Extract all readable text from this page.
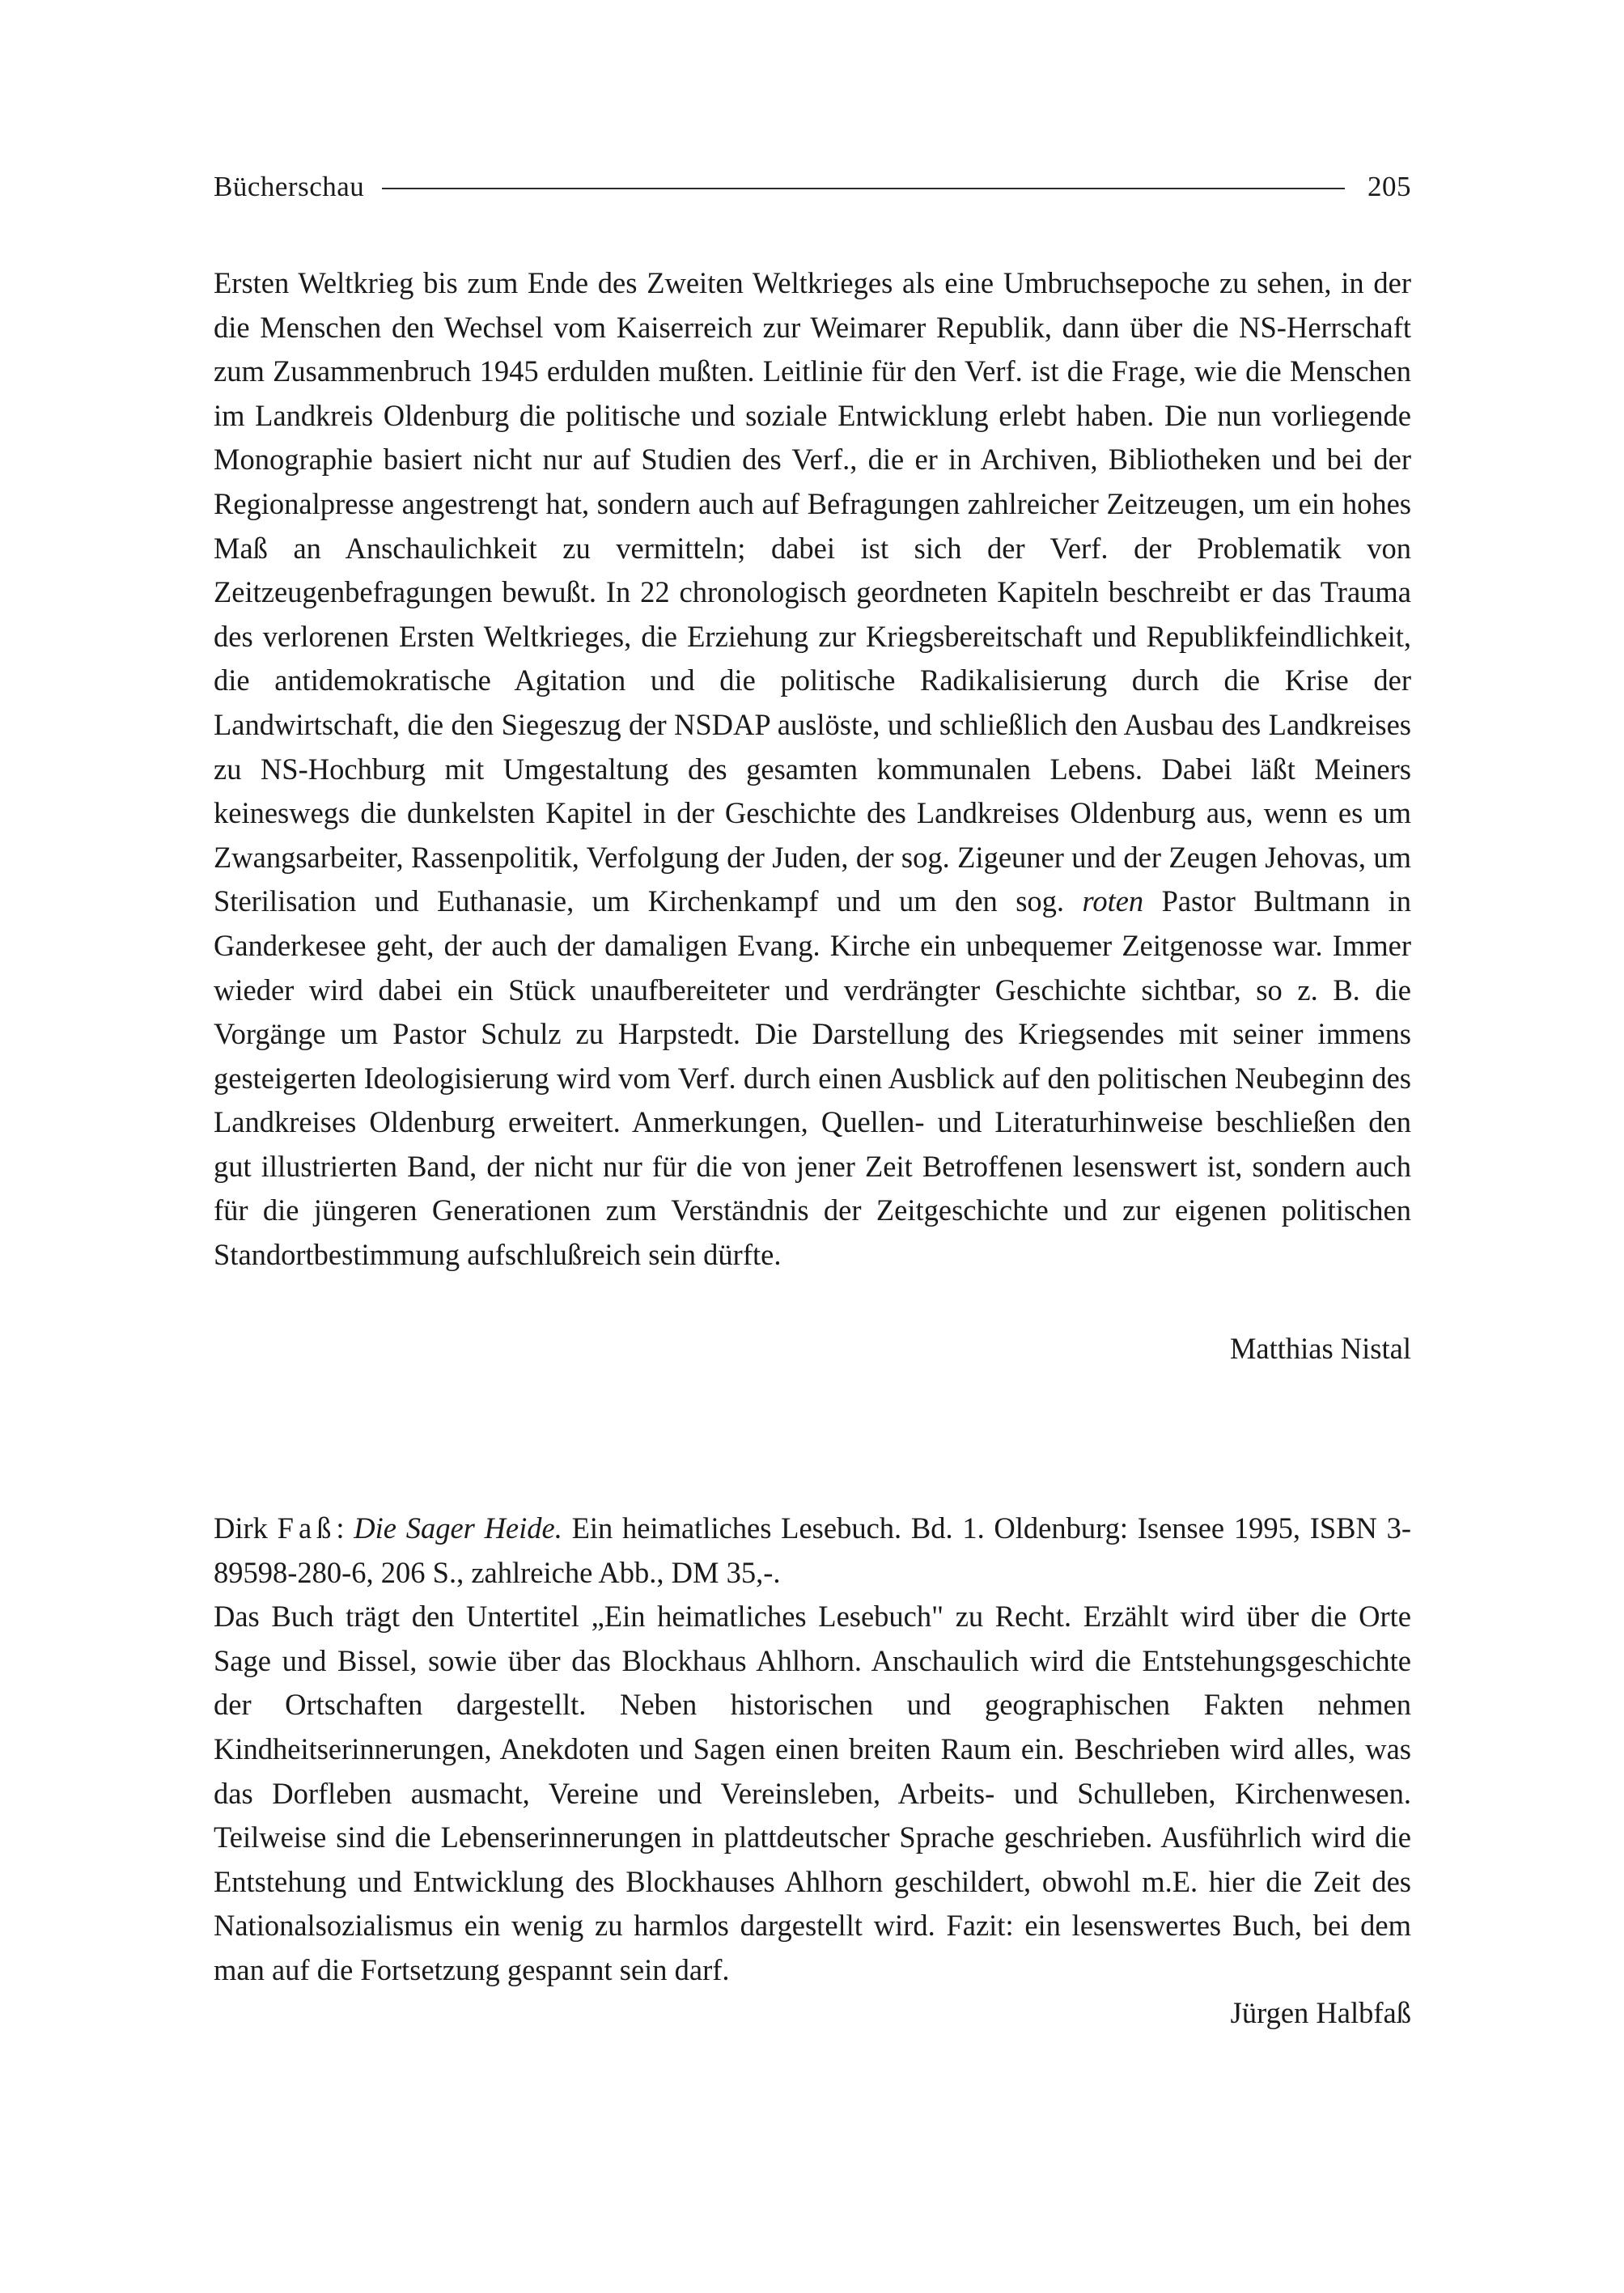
Bücherschau	205

Ersten Weltkrieg bis zum Ende des Zweiten Weltkrieges als eine Umbruchsepoche zu sehen, in der die Menschen den Wechsel vom Kaiserreich zur Weimarer Republik, dann über die NS-Herrschaft zum Zusammenbruch 1945 erdulden mußten. Leitlinie für den Verf. ist die Frage, wie die Menschen im Landkreis Oldenburg die politische und soziale Entwicklung erlebt haben. Die nun vorliegende Monographie basiert nicht nur auf Studien des Verf., die er in Archiven, Bibliotheken und bei der Regionalpresse angestrengt hat, sondern auch auf Befragungen zahlreicher Zeitzeugen, um ein hohes Maß an Anschaulichkeit zu vermitteln; dabei ist sich der Verf. der Problematik von Zeitzeugenbefragungen bewußt. In 22 chronologisch geordneten Kapiteln beschreibt er das Trauma des verlorenen Ersten Weltkrieges, die Erziehung zur Kriegsbereitschaft und Republikfeindlichkeit, die antidemokratische Agitation und die politische Radikalisierung durch die Krise der Landwirtschaft, die den Siegeszug der NSDAP auslöste, und schließlich den Ausbau des Landkreises zu NS-Hochburg mit Umgestaltung des gesamten kommunalen Lebens. Dabei läßt Meiners keineswegs die dunkelsten Kapitel in der Geschichte des Landkreises Oldenburg aus, wenn es um Zwangsarbeiter, Rassenpolitik, Verfolgung der Juden, der sog. Zigeuner und der Zeugen Jehovas, um Sterilisation und Euthanasie, um Kirchenkampf und um den sog. roten Pastor Bultmann in Ganderkesee geht, der auch der damaligen Evang. Kirche ein unbequemer Zeitgenosse war. Immer wieder wird dabei ein Stück unaufbereiteter und verdrängter Geschichte sichtbar, so z. B. die Vorgänge um Pastor Schulz zu Harpstedt. Die Darstellung des Kriegsendes mit seiner immens gesteigerten Ideologisierung wird vom Verf. durch einen Ausblick auf den politischen Neubeginn des Landkreises Oldenburg erweitert. Anmerkungen, Quellen- und Literaturhinweise beschließen den gut illustrierten Band, der nicht nur für die von jener Zeit Betroffenen lesenswert ist, sondern auch für die jüngeren Generationen zum Verständnis der Zeitgeschichte und zur eigenen politischen Standortbestimmung aufschlußreich sein dürfte.

Matthias Nistal

Dirk Faß: Die Sager Heide. Ein heimatliches Lesebuch. Bd. 1. Oldenburg: Isensee 1995, ISBN 3-89598-280-6, 206 S., zahlreiche Abb., DM 35,-.

Das Buch trägt den Untertitel „Ein heimatliches Lesebuch" zu Recht. Erzählt wird über die Orte Sage und Bissel, sowie über das Blockhaus Ahlhorn. Anschaulich wird die Entstehungsgeschichte der Ortschaften dargestellt. Neben historischen und geographischen Fakten nehmen Kindheitserinnerungen, Anekdoten und Sagen einen breiten Raum ein. Beschrieben wird alles, was das Dorfleben ausmacht, Vereine und Vereinsleben, Arbeits- und Schulleben, Kirchenwesen. Teilweise sind die Lebenserinnerungen in plattdeutscher Sprache geschrieben. Ausführlich wird die Entstehung und Entwicklung des Blockhauses Ahlhorn geschildert, obwohl m.E. hier die Zeit des Nationalsozialismus ein wenig zu harmlos dargestellt wird. Fazit: ein lesenswertes Buch, bei dem man auf die Fortsetzung gespannt sein darf.

Jürgen Halbfaß
